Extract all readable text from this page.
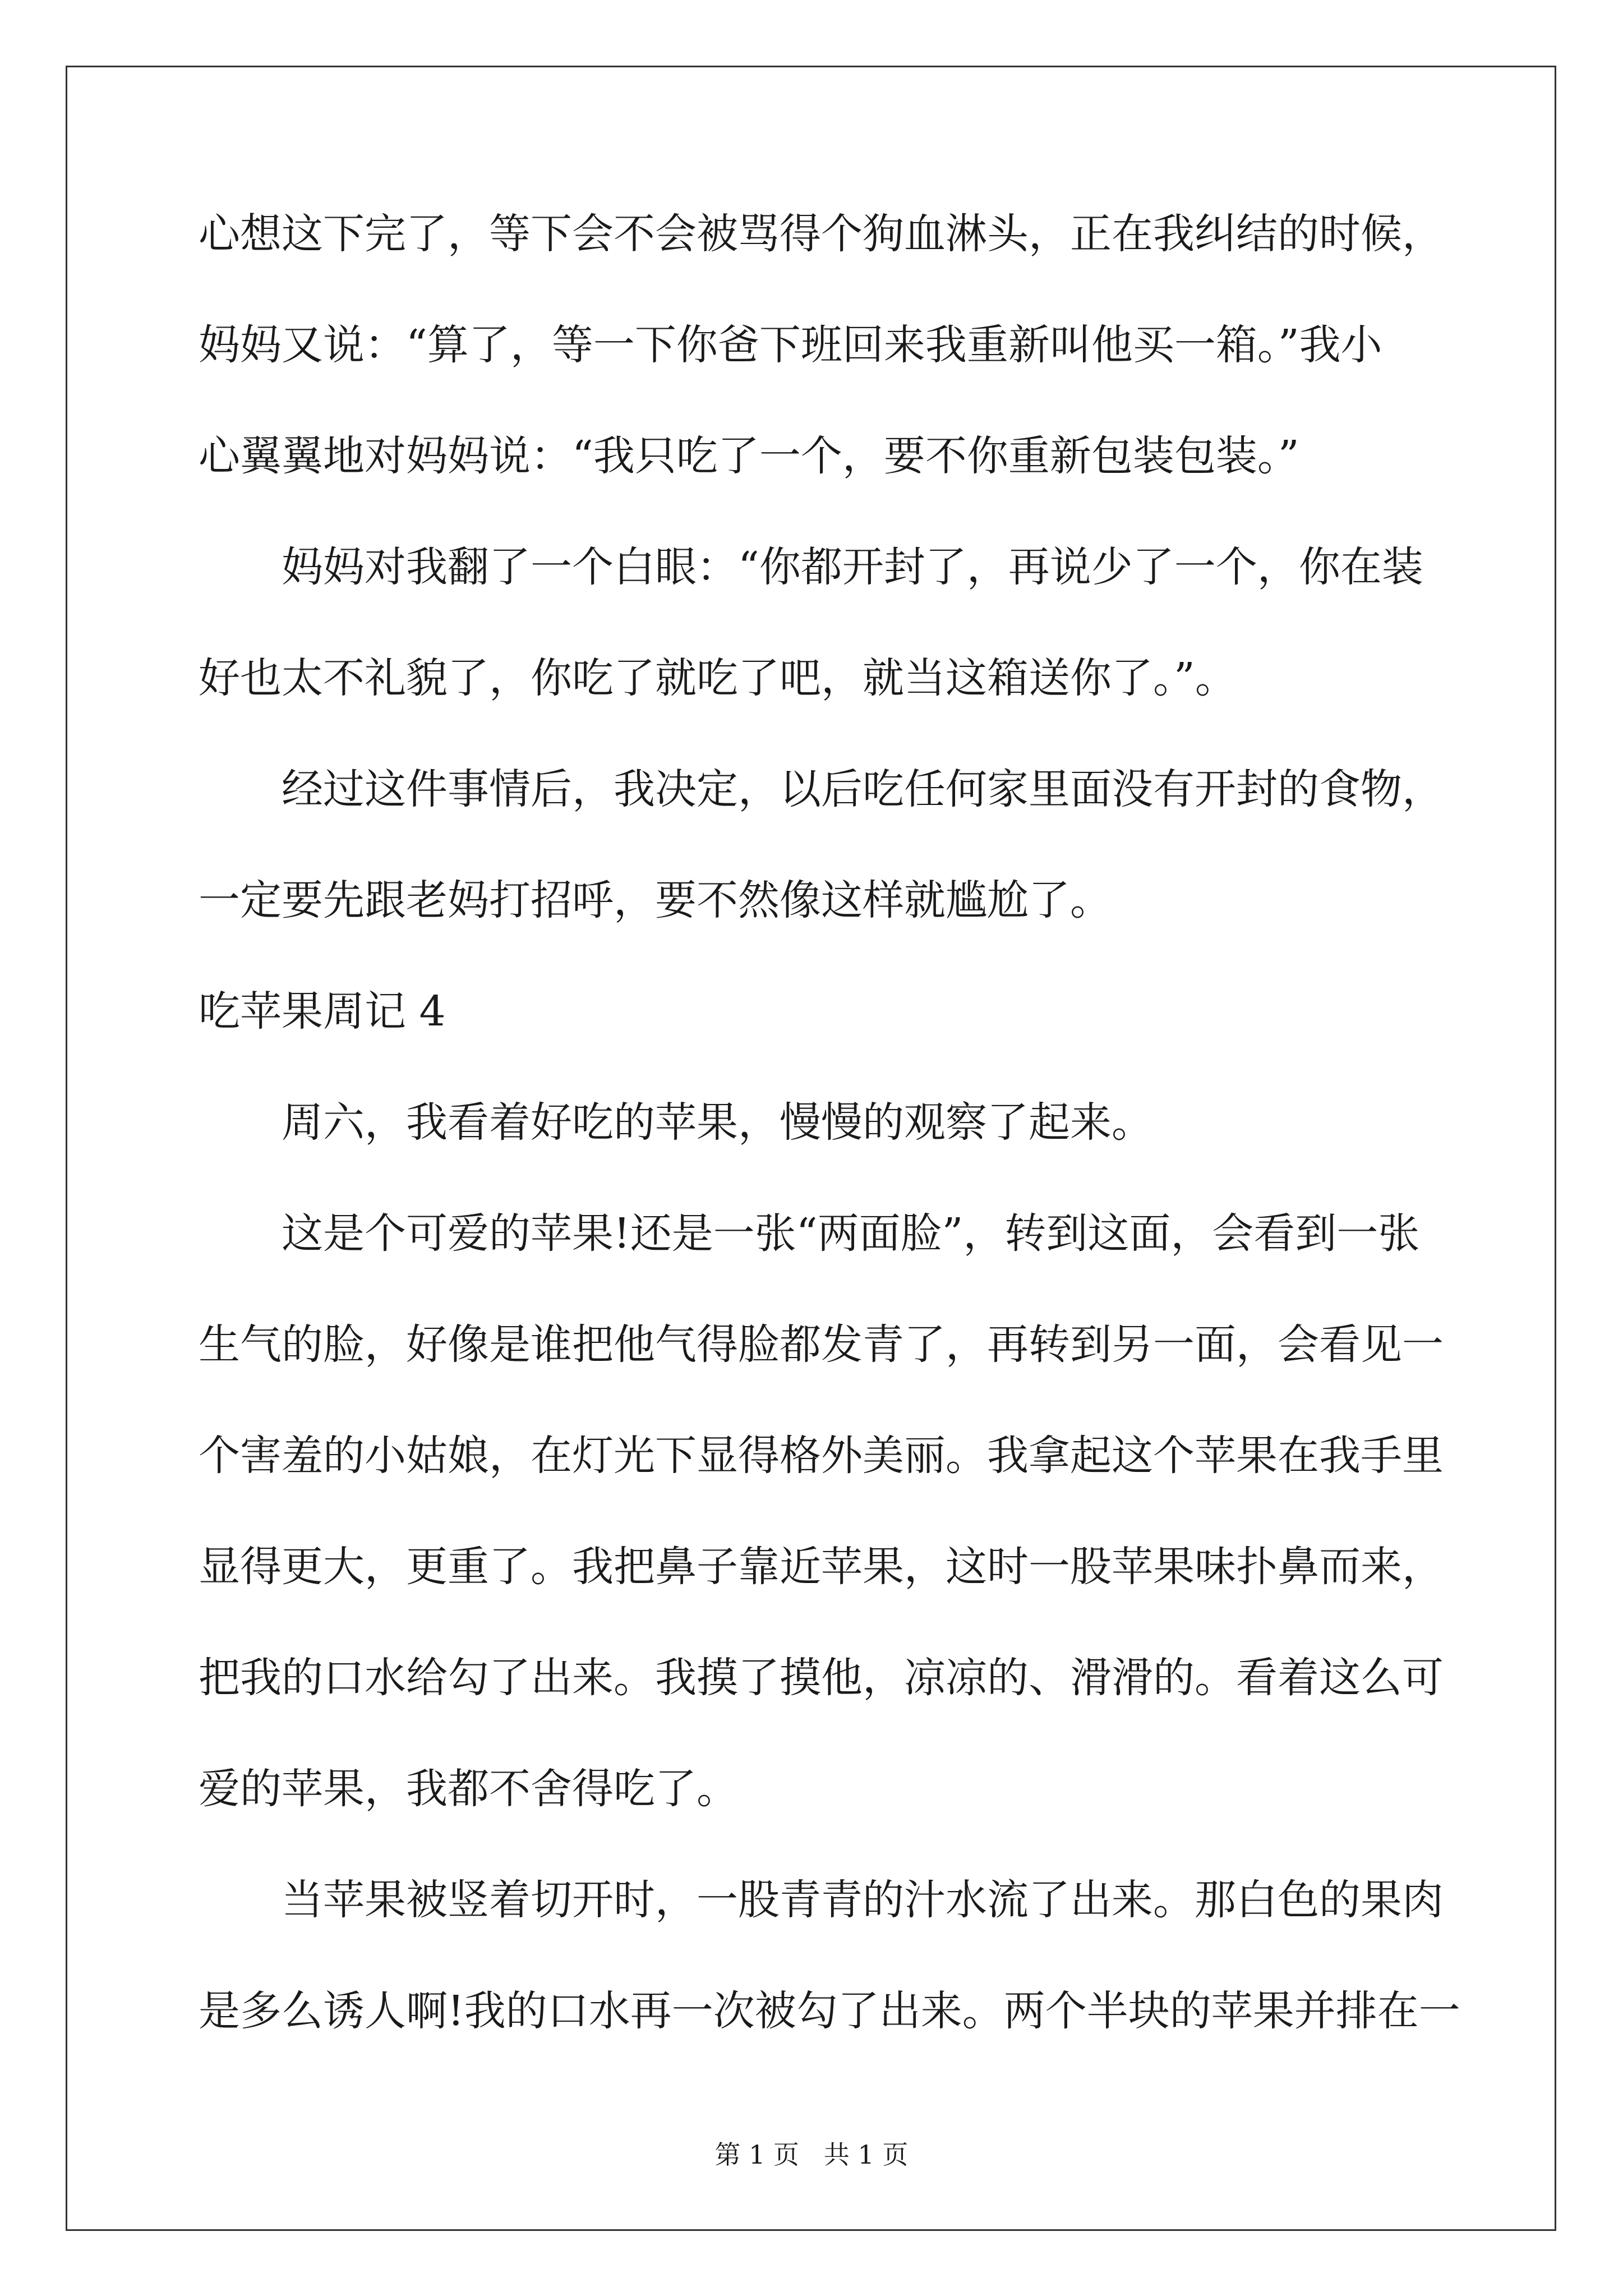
心想这下完了，等下会不会被骂得个狗血淋头，正在我纠结的时候，
妈妈又说：“算了，等一下你爸下班回来我重新叫他买一箱。”我小
心翼翼地对妈妈说：“我只吃了一个，要不你重新包装包装。”
　　妈妈对我翻了一个白眼：“你都开封了，再说少了一个，你在装
好也太不礼貌了，你吃了就吃了吧，就当这箱送你了。”。
　　经过这件事情后，我决定，以后吃任何家里面没有开封的食物，
一定要先跟老妈打招呼，要不然像这样就尴尬了。
吃苹果周记 4
　　周六，我看着好吃的苹果，慢慢的观察了起来。
　　这是个可爱的苹果!还是一张“两面脸”，转到这面，会看到一张
生气的脸，好像是谁把他气得脸都发青了，再转到另一面，会看见一
个害羞的小姑娘，在灯光下显得格外美丽。我拿起这个苹果在我手里
显得更大，更重了。我把鼻子靠近苹果，这时一股苹果味扑鼻而来，
把我的口水给勾了出来。我摸了摸他，凉凉的、滑滑的。看着这么可
爱的苹果，我都不舍得吃了。
　　当苹果被竖着切开时，一股青青的汁水流了出来。那白色的果肉
是多么诱人啊!我的口水再一次被勾了出来。两个半块的苹果并排在一
第 1 页   共 1 页
